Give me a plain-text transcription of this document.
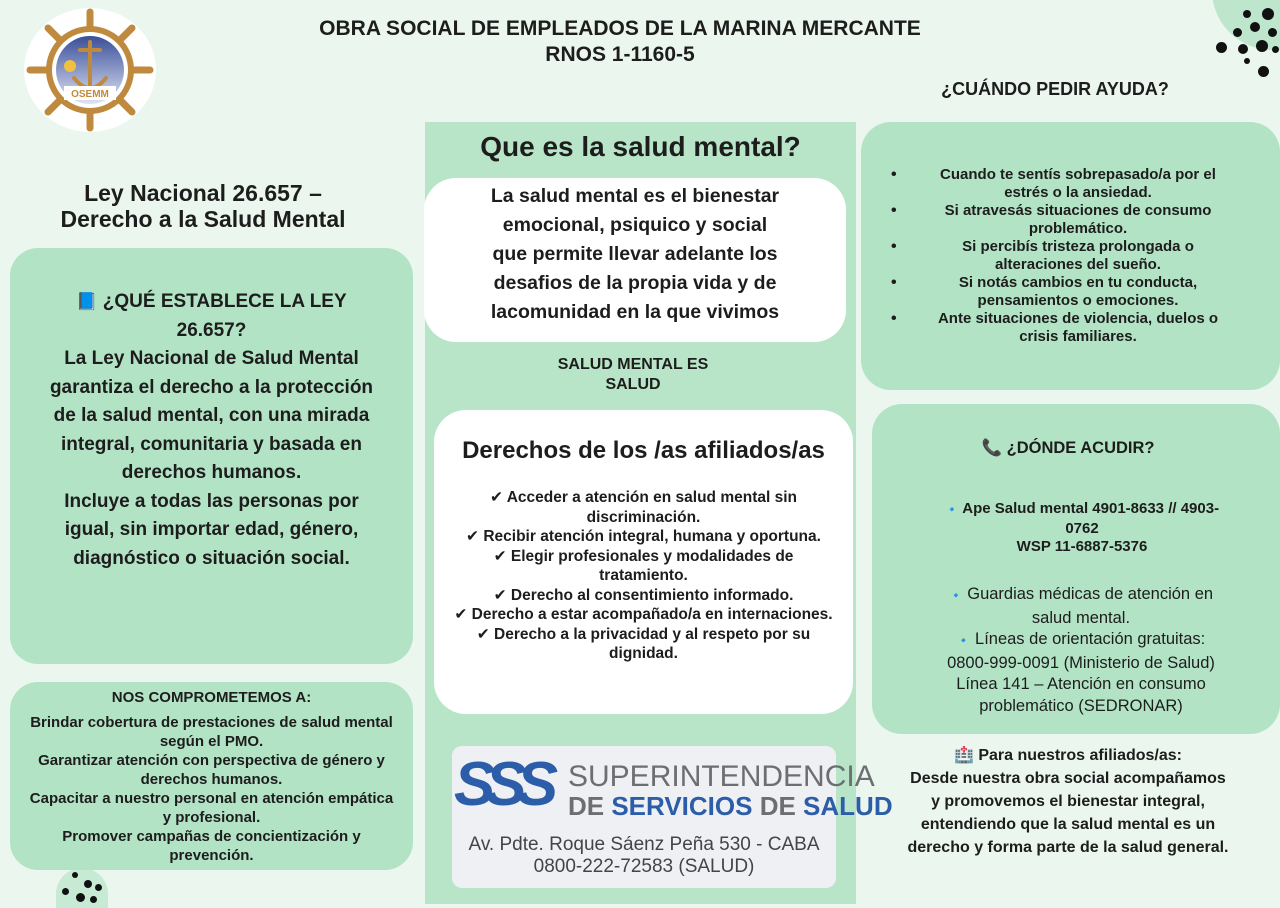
OSEMM
OBRA SOCIAL DE EMPLEADOS DE LA MARINA MERCANTE
RNOS 1-1160-5
Ley Nacional 26.657 –
Derecho a la Salud Mental
📘 ¿QUÉ ESTABLECE LA LEY
26.657?
La Ley Nacional de Salud Mental
garantiza el derecho a la protección
de la salud mental, con una mirada
integral, comunitaria y basada en
derechos humanos.
Incluye a todas las personas por
igual, sin importar edad, género,
diagnóstico o situación social.
NOS COMPROMETEMOS A:
Brindar cobertura de prestaciones de salud mental
según el PMO.
Garantizar atención con perspectiva de género y
derechos humanos.
Capacitar a nuestro personal en atención empática
y profesional.
Promover campañas de concientización y
prevención.
Que es la salud mental?
La salud mental es el bienestar
emocional, psiquico y social
que permite llevar adelante los
desafios de la propia vida y de
lacomunidad en la que vivimos
SALUD MENTAL ES
SALUD
Derechos de los /as afiliados/as
✔ Acceder a atención en salud mental sin
discriminación.
✔ Recibir atención integral, humana y oportuna.
✔ Elegir profesionales y modalidades de
tratamiento.
✔ Derecho al consentimiento informado.
✔ Derecho a estar acompañado/a en internaciones.
✔ Derecho a la privacidad y al respeto por su
dignidad.
SSS SUPERINTENDENCIA
DE SERVICIOS DE SALUD
Av. Pdte. Roque Sáenz Peña 530 - CABA
0800-222-72583 (SALUD)
¿CUÁNDO PEDIR AYUDA?
• Cuando te sentís sobrepasado/a por el
estrés o la ansiedad.
• Si atravesás situaciones de consumo
problemático.
• Si percibís tristeza prolongada o
alteraciones del sueño.
• Si notás cambios en tu conducta,
pensamientos o emociones.
• Ante situaciones de violencia, duelos o
crisis familiares.
📞 ¿DÓNDE ACUDIR?
🔹 Ape Salud mental 4901-8633 // 4903-
0762
WSP 11-6887-5376
🔹 Guardias médicas de atención en
salud mental.
🔹 Líneas de orientación gratuitas:
0800-999-0091 (Ministerio de Salud)
Línea 141 – Atención en consumo
problemático (SEDRONAR)
🏥 Para nuestros afiliados/as:
Desde nuestra obra social acompañamos
y promovemos el bienestar integral,
entendiendo que la salud mental es un
derecho y forma parte de la salud general.
